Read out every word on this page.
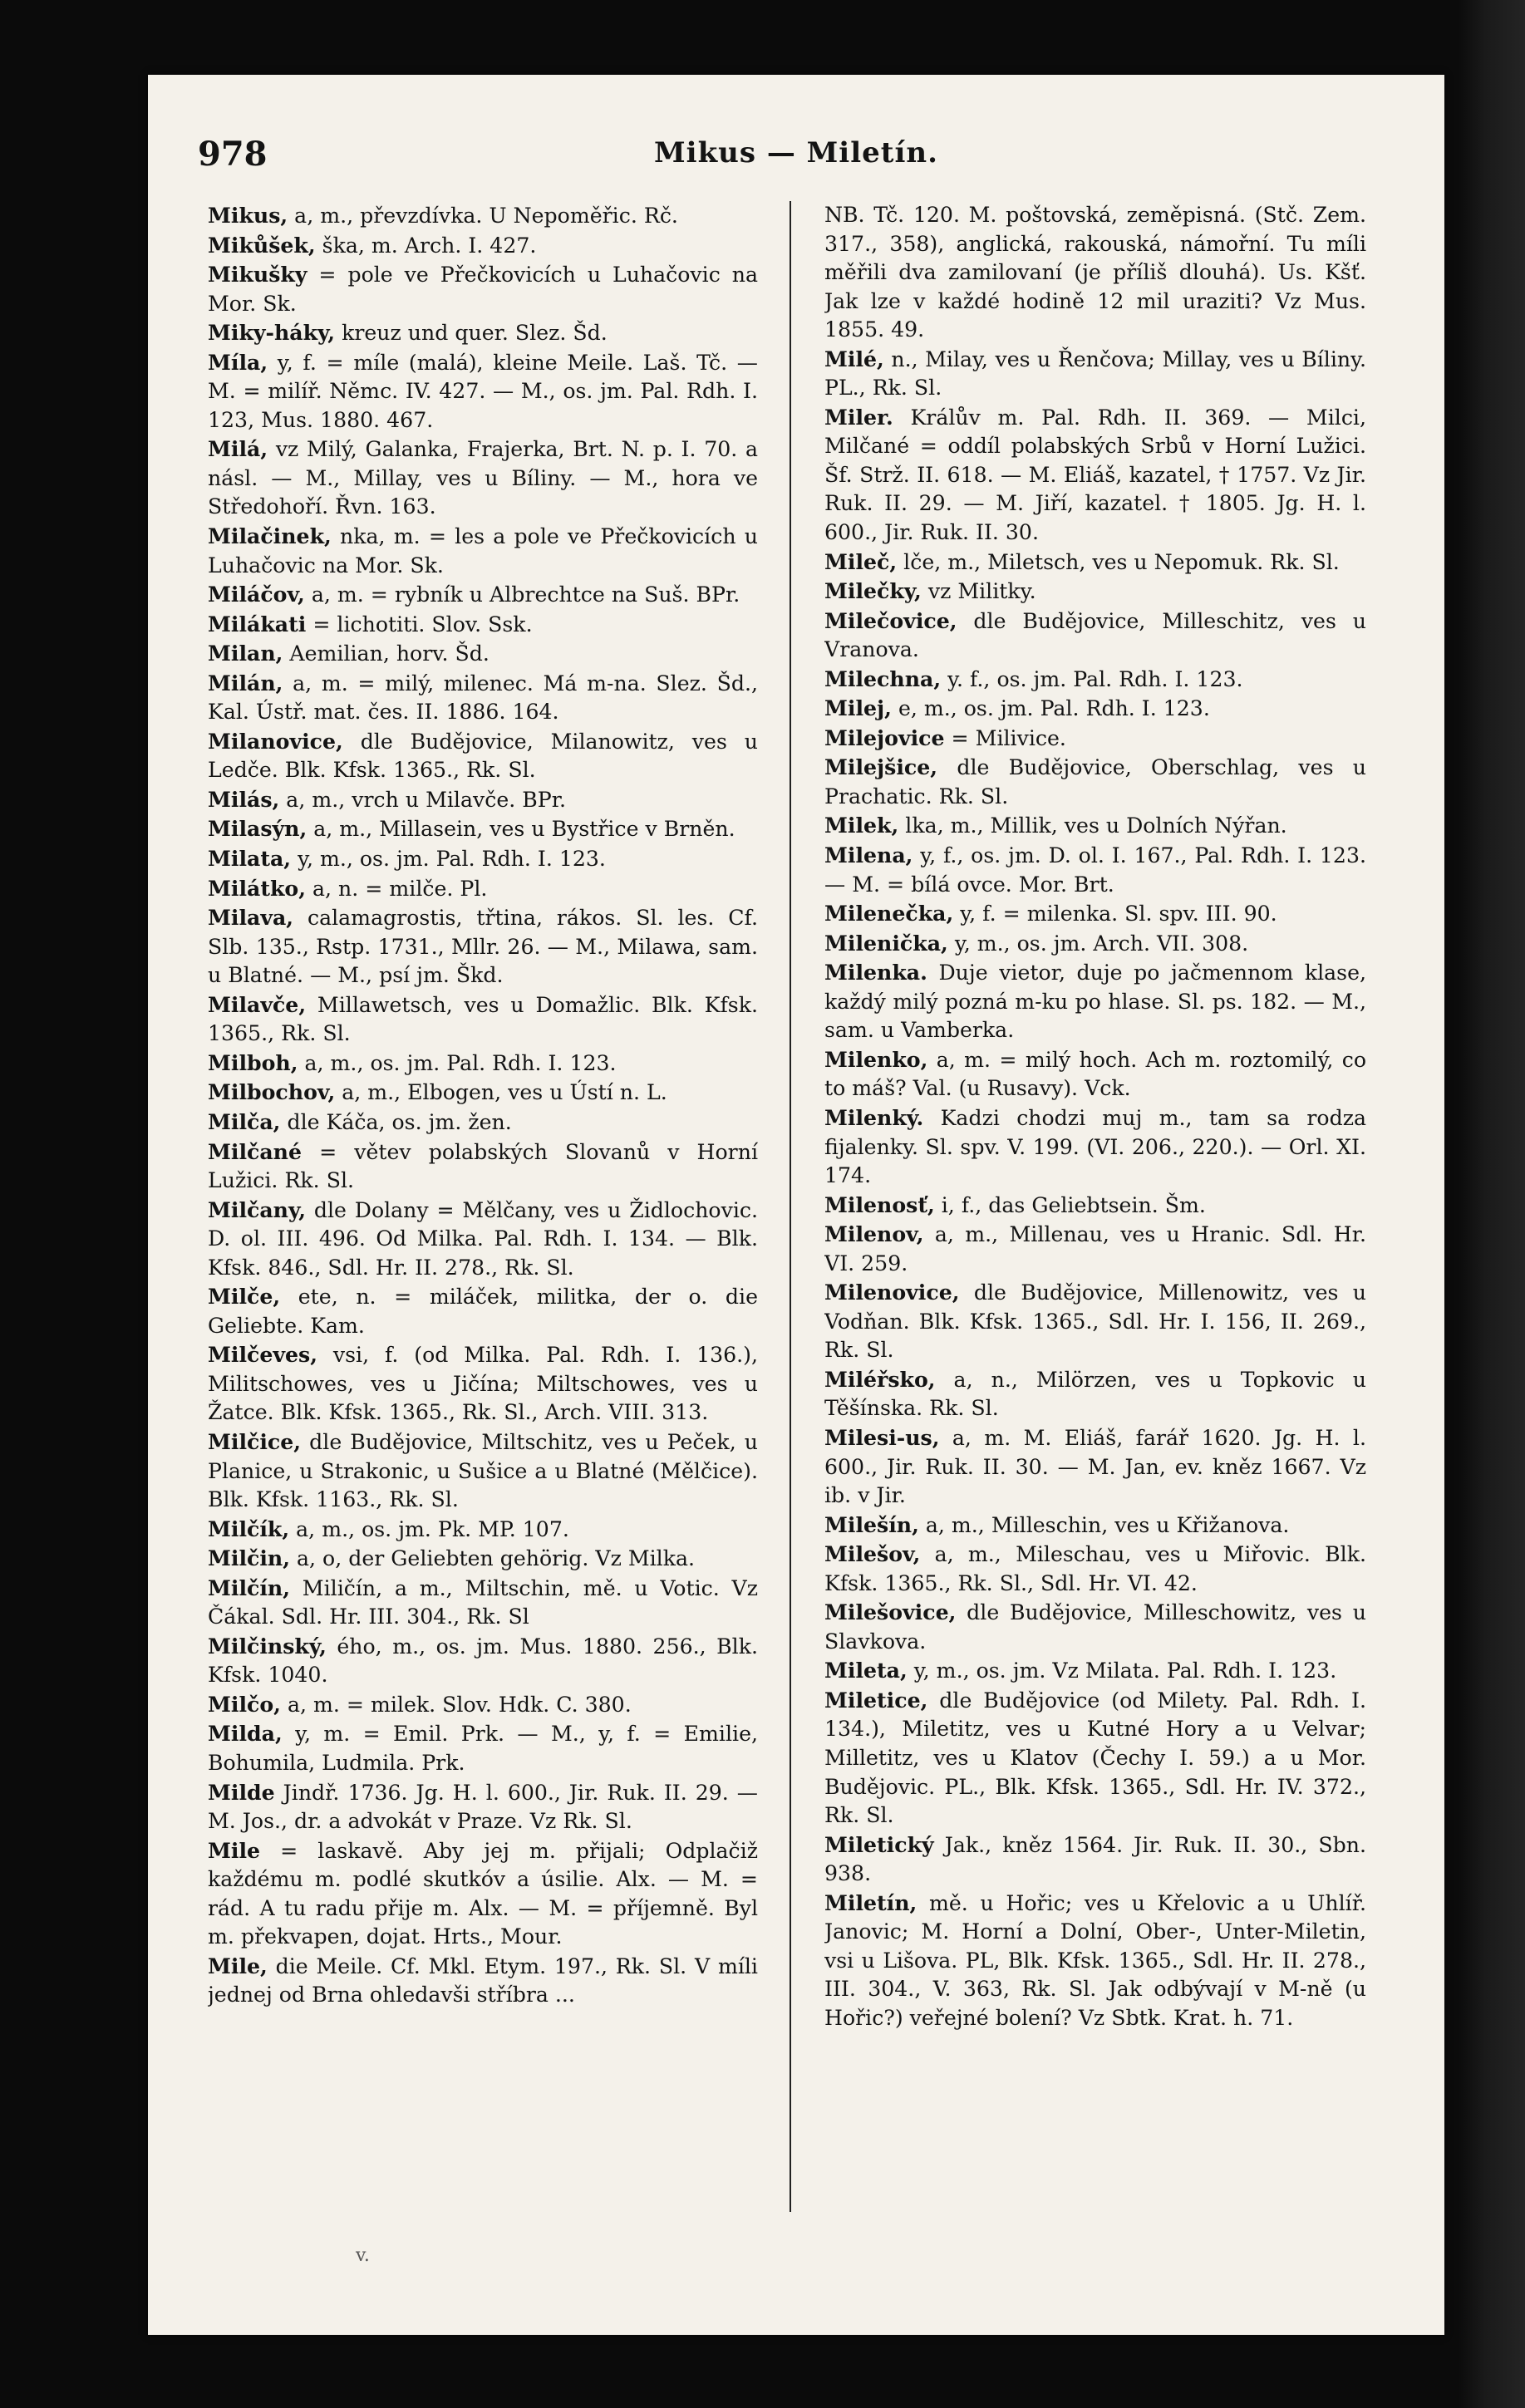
978	Mikus — Miletín.

Mikus, a, m., převzdívka. U Nepoměřic. Rč.

Mikůšek, ška, m. Arch. I. 427.

Mikušky = pole ve Přečkovicích u Luhačovic na Mor. Sk.

Miky-háky, kreuz und quer. Slez. Šd.

Míla, y, f. = míle (malá), kleine Meile. Laš. Tč. — M. = milíř. Němc. IV. 427. — M., os. jm. Pal. Rdh. I. 123, Mus. 1880. 467.

Milá, vz Milý, Galanka, Frajerka, Brt. N. p. I. 70. a násl. — M., Millay, ves u Bíliny. — M., hora ve Středohoří. Řvn. 163.

Milačinek, nka, m. = les a pole ve Přečkovicích u Luhačovic na Mor. Sk.

Miláčov, a, m. = rybník u Albrechtce na Suš. BPr.

Milákati = lichotiti. Slov. Ssk.

Milan, Aemilian, horv. Šd.

Milán, a, m. = milý, milenec. Má m-na. Slez. Šd., Kal. Ústř. mat. čes. II. 1886. 164.

Milanovice, dle Budějovice, Milanowitz, ves u Ledče. Blk. Kfsk. 1365., Rk. Sl.

Milás, a, m., vrch u Milavče. BPr.

Milasýn, a, m., Millasein, ves u Bystřice v Brněn.

Milata, y, m., os. jm. Pal. Rdh. I. 123.

Milátko, a, n. = milče. Pl.

Milava, calamagrostis, třtina, rákos. Sl. les. Cf. Slb. 135., Rstp. 1731., Mllr. 26. — M., Milawa, sam. u Blatné. — M., psí jm. Škd.

Milavče, Millawetsch, ves u Domažlic. Blk. Kfsk. 1365., Rk. Sl.

Milboh, a, m., os. jm. Pal. Rdh. I. 123.

Milbochov, a, m., Elbogen, ves u Ústí n. L.

Milča, dle Káča, os. jm. žen.

Milčané = větev polabských Slovanů v Horní Lužici. Rk. Sl.

Milčany, dle Dolany = Mělčany, ves u Židlochovic. D. ol. III. 496. Od Milka. Pal. Rdh. I. 134. — Blk. Kfsk. 846., Sdl. Hr. II. 278., Rk. Sl.

Milče, ete, n. = miláček, militka, der o. die Geliebte. Kam.

Milčeves, vsi, f. (od Milka. Pal. Rdh. I. 136.), Militschowes, ves u Jičína; Miltschowes, ves u Žatce. Blk. Kfsk. 1365., Rk. Sl., Arch. VIII. 313.

Milčice, dle Budějovice, Miltschitz, ves u Peček, u Planice, u Strakonic, u Sušice a u Blatné (Mělčice). Blk. Kfsk. 1163., Rk. Sl.

Milčík, a, m., os. jm. Pk. MP. 107.

Milčin, a, o, der Geliebten gehörig. Vz Milka.

Milčín, Miličín, a m., Miltschin, mě. u Votic. Vz Čákal. Sdl. Hr. III. 304., Rk. Sl

Milčinský, ého, m., os. jm. Mus. 1880. 256., Blk. Kfsk. 1040.

Milčo, a, m. = milek. Slov. Hdk. C. 380.

Milda, y, m. = Emil. Prk. — M., y, f. = Emilie, Bohumila, Ludmila. Prk.

Milde Jindř. 1736. Jg. H. l. 600., Jir. Ruk. II. 29. — M. Jos., dr. a advokát v Praze. Vz Rk. Sl.

Mile = laskavě. Aby jej m. přijali; Odplačiž každému m. podlé skutkóv a úsilie. Alx. — M. = rád. A tu radu přije m. Alx. — M. = příjemně. Byl m. překvapen, dojat. Hrts., Mour.

Mile, die Meile. Cf. Mkl. Etym. 197., Rk. Sl. V míli jednej od Brna ohledavši stříbra ...

NB. Tč. 120. M. poštovská, zeměpisná. (Stč. Zem. 317., 358), anglická, rakouská, námořní. Tu míli měřili dva zamilovaní (je příliš dlouhá). Us. Kšť. Jak lze v každé hodině 12 mil uraziti? Vz Mus. 1855. 49.

Milé, n., Milay, ves u Řenčova; Millay, ves u Bíliny. PL., Rk. Sl.

Miler. Králův m. Pal. Rdh. II. 369. — Milci, Milčané = oddíl polabských Srbů v Horní Lužici. Šf. Strž. II. 618. — M. Eliáš, kazatel, † 1757. Vz Jir. Ruk. II. 29. — M. Jiří, kazatel. † 1805. Jg. H. l. 600., Jir. Ruk. II. 30.

Mileč, lče, m., Miletsch, ves u Nepomuk. Rk. Sl.

Milečky, vz Militky.

Milečovice, dle Budějovice, Milleschitz, ves u Vranova.

Milechna, y. f., os. jm. Pal. Rdh. I. 123.

Milej, e, m., os. jm. Pal. Rdh. I. 123.

Milejovice = Milivice.

Milejšice, dle Budějovice, Oberschlag, ves u Prachatic. Rk. Sl.

Milek, lka, m., Millik, ves u Dolních Nýřan.

Milena, y, f., os. jm. D. ol. I. 167., Pal. Rdh. I. 123. — M. = bílá ovce. Mor. Brt.

Milenečka, y, f. = milenka. Sl. spv. III. 90.

Milenička, y, m., os. jm. Arch. VII. 308.

Milenka. Duje vietor, duje po jačmennom klase, každý milý pozná m-ku po hlase. Sl. ps. 182. — M., sam. u Vamberka.

Milenko, a, m. = milý hoch. Ach m. roztomilý, co to máš? Val. (u Rusavy). Vck.

Milenký. Kadzi chodzi muj m., tam sa rodza fijalenky. Sl. spv. V. 199. (VI. 206., 220.). — Orl. XI. 174.

Milenosť, i, f., das Geliebtsein. Šm.

Milenov, a, m., Millenau, ves u Hranic. Sdl. Hr. VI. 259.

Milenovice, dle Budějovice, Millenowitz, ves u Vodňan. Blk. Kfsk. 1365., Sdl. Hr. I. 156, II. 269., Rk. Sl.

Miléřsko, a, n., Milörzen, ves u Topkovic u Těšínska. Rk. Sl.

Milesi-us, a, m. M. Eliáš, farář 1620. Jg. H. l. 600., Jir. Ruk. II. 30. — M. Jan, ev. kněz 1667. Vz ib. v Jir.

Milešín, a, m., Milleschin, ves u Křižanova.

Milešov, a, m., Mileschau, ves u Miřovic. Blk. Kfsk. 1365., Rk. Sl., Sdl. Hr. VI. 42.

Milešovice, dle Budějovice, Milleschowitz, ves u Slavkova.

Mileta, y, m., os. jm. Vz Milata. Pal. Rdh. I. 123.

Miletice, dle Budějovice (od Milety. Pal. Rdh. I. 134.), Miletitz, ves u Kutné Hory a u Velvar; Milletitz, ves u Klatov (Čechy I. 59.) a u Mor. Budějovic. PL., Blk. Kfsk. 1365., Sdl. Hr. IV. 372., Rk. Sl.

Miletický Jak., kněz 1564. Jir. Ruk. II. 30., Sbn. 938.

Miletín, mě. u Hořic; ves u Křelovic a u Uhlíř. Janovic; M. Horní a Dolní, Ober-, Unter-Miletin, vsi u Lišova. PL, Blk. Kfsk. 1365., Sdl. Hr. II. 278., III. 304., V. 363, Rk. Sl. Jak odbývají v M-ně (u Hořic?) veřejné bolení? Vz Sbtk. Krat. h. 71.

v.
